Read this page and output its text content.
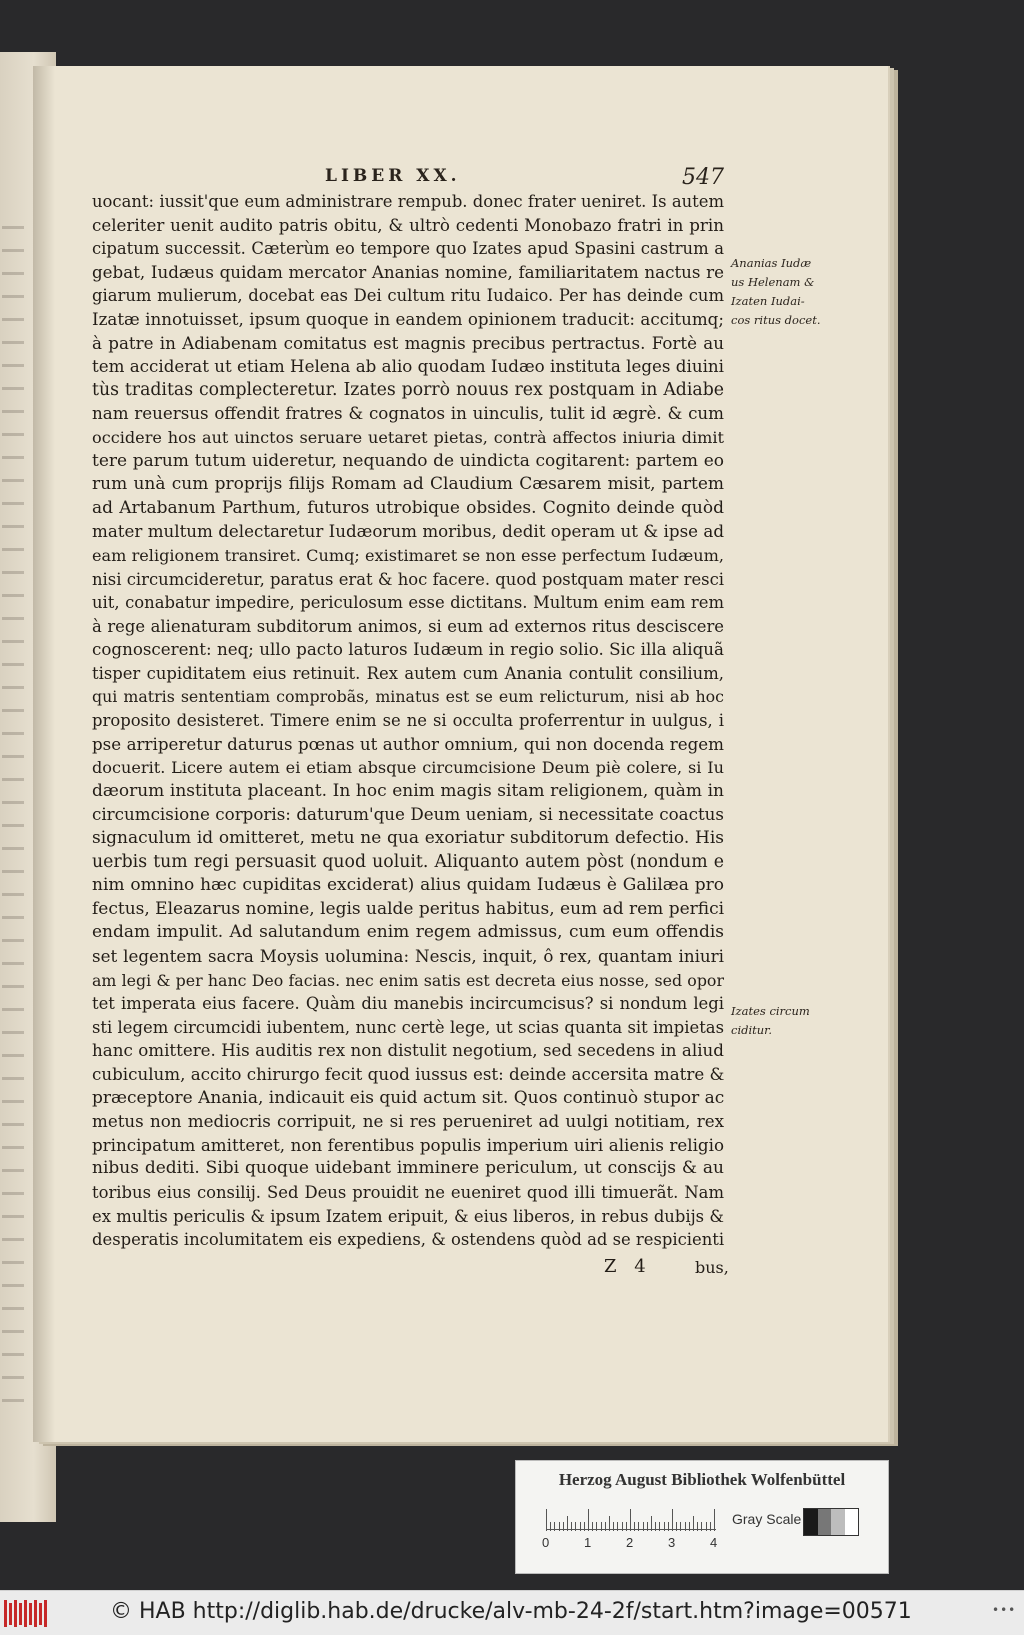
LIBER XX.	547
uocant: iussit'que eum administrare rempub. donec frater ueniret. Is autem
celeriter uenit audito patris obitu, & ultrò cedenti Monobazo fratri in prin
cipatum successit. Cæterùm eo tempore quo Izates apud Spasini castrum a
gebat, Iudæus quidam mercator Ananias nomine, familiaritatem nactus re
giarum mulierum, docebat eas Dei cultum ritu Iudaico. Per has deinde cum
Izatæ innotuisset, ipsum quoque in eandem opinionem traducit: accitumq;
à patre in Adiabenam comitatus est magnis precibus pertractus. Fortè au
tem acciderat ut etiam Helena ab alio quodam Iudæo instituta leges diuini
tùs traditas complecteretur. Izates porrò nouus rex postquam in Adiabe
nam reuersus offendit fratres & cognatos in uinculis, tulit id ægrè. & cum
occidere hos aut uinctos seruare uetaret pietas, contrà affectos iniuria dimit
tere parum tutum uideretur, nequando de uindicta cogitarent: partem eo
rum unà cum proprijs filijs Romam ad Claudium Cæsarem misit, partem
ad Artabanum Parthum, futuros utrobique obsides. Cognito deinde quòd
mater multum delectaretur Iudæorum moribus, dedit operam ut & ipse ad
eam religionem transiret. Cumq; existimaret se non esse perfectum Iudæum,
nisi circumcideretur, paratus erat & hoc facere. quod postquam mater resci
uit, conabatur impedire, periculosum esse dictitans. Multum enim eam rem
à rege alienaturam subditorum animos, si eum ad externos ritus desciscere
cognoscerent: neq; ullo pacto laturos Iudæum in regio solio. Sic illa aliquã
tisper cupiditatem eius retinuit. Rex autem cum Anania contulit consilium,
qui matris sententiam comprobãs, minatus est se eum relicturum, nisi ab hoc
proposito desisteret. Timere enim se ne si occulta proferrentur in uulgus, i
pse arriperetur daturus pœnas ut author omnium, qui non docenda regem
docuerit. Licere autem ei etiam absque circumcisione Deum piè colere, si Iu
dæorum instituta placeant. In hoc enim magis sitam religionem, quàm in
circumcisione corporis: daturum'que Deum ueniam, si necessitate coactus
signaculum id omitteret, metu ne qua exoriatur subditorum defectio. His
uerbis tum regi persuasit quod uoluit. Aliquanto autem pòst (nondum e
nim omnino hæc cupiditas exciderat) alius quidam Iudæus è Galilæa pro
fectus, Eleazarus nomine, legis ualde peritus habitus, eum ad rem perfici
endam impulit. Ad salutandum enim regem admissus, cum eum offendis
set legentem sacra Moysis uolumina: Nescis, inquit, ô rex, quantam iniuri
am legi & per hanc Deo facias. nec enim satis est decreta eius nosse, sed opor
tet imperata eius facere. Quàm diu manebis incircumcisus? si nondum legi
sti legem circumcidi iubentem, nunc certè lege, ut scias quanta sit impietas
hanc omittere. His auditis rex non distulit negotium, sed secedens in aliud
cubiculum, accito chirurgo fecit quod iussus est: deinde accersita matre &
præceptore Anania, indicauit eis quid actum sit. Quos continuò stupor ac
metus non mediocris corripuit, ne si res perueniret ad uulgi notitiam, rex
principatum amitteret, non ferentibus populis imperium uiri alienis religio
nibus dediti. Sibi quoque uidebant imminere periculum, ut conscijs & au
toribus eius consilij. Sed Deus prouidit ne eueniret quod illi timuerãt. Nam
ex multis periculis & ipsum Izatem eripuit, & eius liberos, in rebus dubijs &
desperatis incolumitatem eis expediens, & ostendens quòd ad se respicienti
Ananias Iudæ
us Helenam &
Izaten Iudai-
cos ritus docet.
Izates circum
ciditur.
Z 4	bus,
Herzog August Bibliothek Wolfenbüttel
0	1	2	3	4
Gray Scale
© HAB http://diglib.hab.de/drucke/alv-mb-24-2f/start.htm?image=00571	•••
